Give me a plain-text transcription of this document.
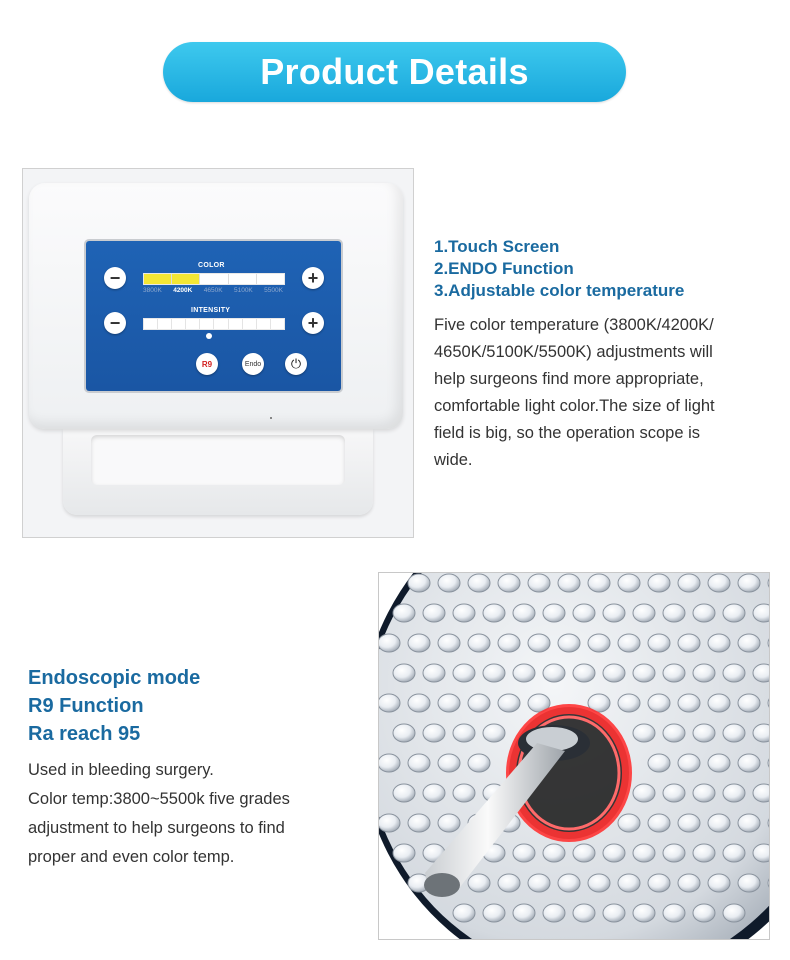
Product Details
−
COLOR
3800K 4200K 4650K 5100K 5500K
+
−
INTENSITY
+
R9	Endo	⏻
1.Touch Screen
2.ENDO Function
3.Adjustable color temperature
Five color temperature (3800K/4200K/
4650K/5100K/5500K) adjustments will
help surgeons find more appropriate,
comfortable light color.The size of light
field is big, so the operation scope is
wide.
Endoscopic mode
R9 Function
Ra reach 95
Used in bleeding surgery.
Color temp:3800~5500k five grades
adjustment to help surgeons to find
proper and even color temp.
